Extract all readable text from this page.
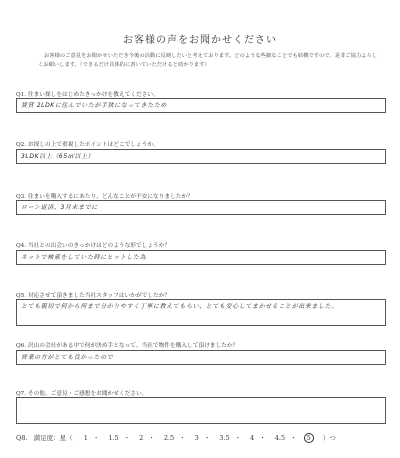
お客様の声をお聞かせください
お客様のご意見をお聞かせいただき今後の活動に反映したいと考えております。どのような些細なことでも結構ですので、是非ご協力よろしくお願いします。（できるだけ具体的に書いていただけると助かります）
Q1. 住まい探しをはじめたきっかけを教えてください。
賃貸 2LDKに住んでいたが手狭になってきたため
Q2. お探しの上で重視したポイントはどこでしょうか。
3LDK以上（65㎡以上）
Q3. 住まいを購入するにあたり、どんなことが不安になりましたか？
ローン返済、3月末までに
Q4. 当社との出会いのきっかけはどのような形でしょうか？
ネットで検索をしていた時にヒットした為
Q5. 対応させて頂きました当社スタッフはいかがでしたか？
とても親切で何から何まで分かりやすく丁寧に教えてもらい、とても安心してまかせることが出来ました。
Q6. 沢山の会社がある中で何が決め手となって、当社で物件を購入して頂けましたか？
営業の方がとても良かったので
Q7. その他、ご意見・ご感想をお聞かせください。
Q8. 満足度：星（ 1 ・ 1.5 ・ 2 ・ 2.5 ・ 3 ・ 3.5 ・ 4 ・ 4.5 ・ 5 ）つ
